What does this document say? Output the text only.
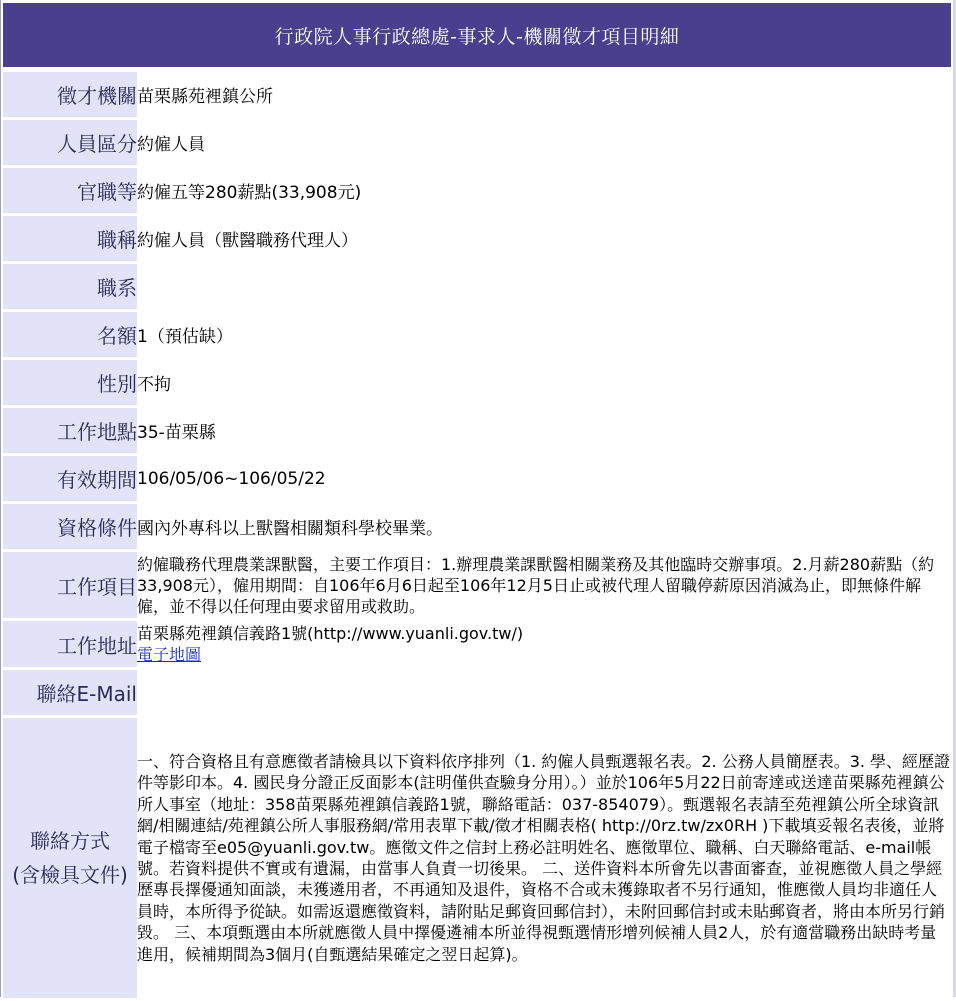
行政院人事行政總處-事求人-機關徵才項目明細
徵才機關	苗栗縣苑裡鎮公所
人員區分	約僱人員
官職等	約僱五等280薪點(33,908元)
職稱	約僱人員（獸醫職務代理人）
職系	
名額	1（預估缺）
性別	不拘
工作地點	35-苗栗縣
有效期間	106/05/06~106/05/22
資格條件	國內外專科以上獸醫相關類科學校畢業。
工作項目	約僱職務代理農業課獸醫，主要工作項目：1.辦理農業課獸醫相關業務及其他臨時交辦事項。2.月薪280薪點（約33,908元），僱用期間：自106年6月6日起至106年12月5日止或被代理人留職停薪原因消滅為止，即無條件解僱，並不得以任何理由要求留用或救助。
工作地址	苗栗縣苑裡鎮信義路1號(http://www.yuanli.gov.tw/)
電子地圖
聯絡E-Mail	
聯絡方式
(含檢具文件)	一、符合資格且有意應徵者請檢具以下資料依序排列（1. 約僱人員甄選報名表。2. 公務人員簡歷表。3. 學、經歷證件等影印本。4. 國民身分證正反面影本(註明僅供查驗身分用）。）並於106年5月22日前寄達或送達苗栗縣苑裡鎮公所人事室（地址：358苗栗縣苑裡鎮信義路1號，聯絡電話：037-854079）。甄選報名表請至苑裡鎮公所全球資訊網/相關連結/苑裡鎮公所人事服務網/常用表單下載/徵才相關表格( http://0rz.tw/zx0RH )下載填妥報名表後，並將電子檔寄至e05@yuanli.gov.tw。應徵文件之信封上務必註明姓名、應徵單位、職稱、白天聯絡電話、e-mail帳號。若資料提供不實或有遺漏，由當事人負責一切後果。 二、送件資料本所會先以書面審查，並視應徵人員之學經歷專長擇優通知面談，未獲遴用者，不再通知及退件，資格不合或未獲錄取者不另行通知，惟應徵人員均非適任人員時，本所得予從缺。如需返還應徵資料，請附貼足郵資回郵信封），未附回郵信封或未貼郵資者，將由本所另行銷毀。 三、本項甄選由本所就應徵人員中擇優遴補本所並得視甄選情形增列候補人員2人，於有適當職務出缺時考量進用，候補期間為3個月(自甄選結果確定之翌日起算)。
